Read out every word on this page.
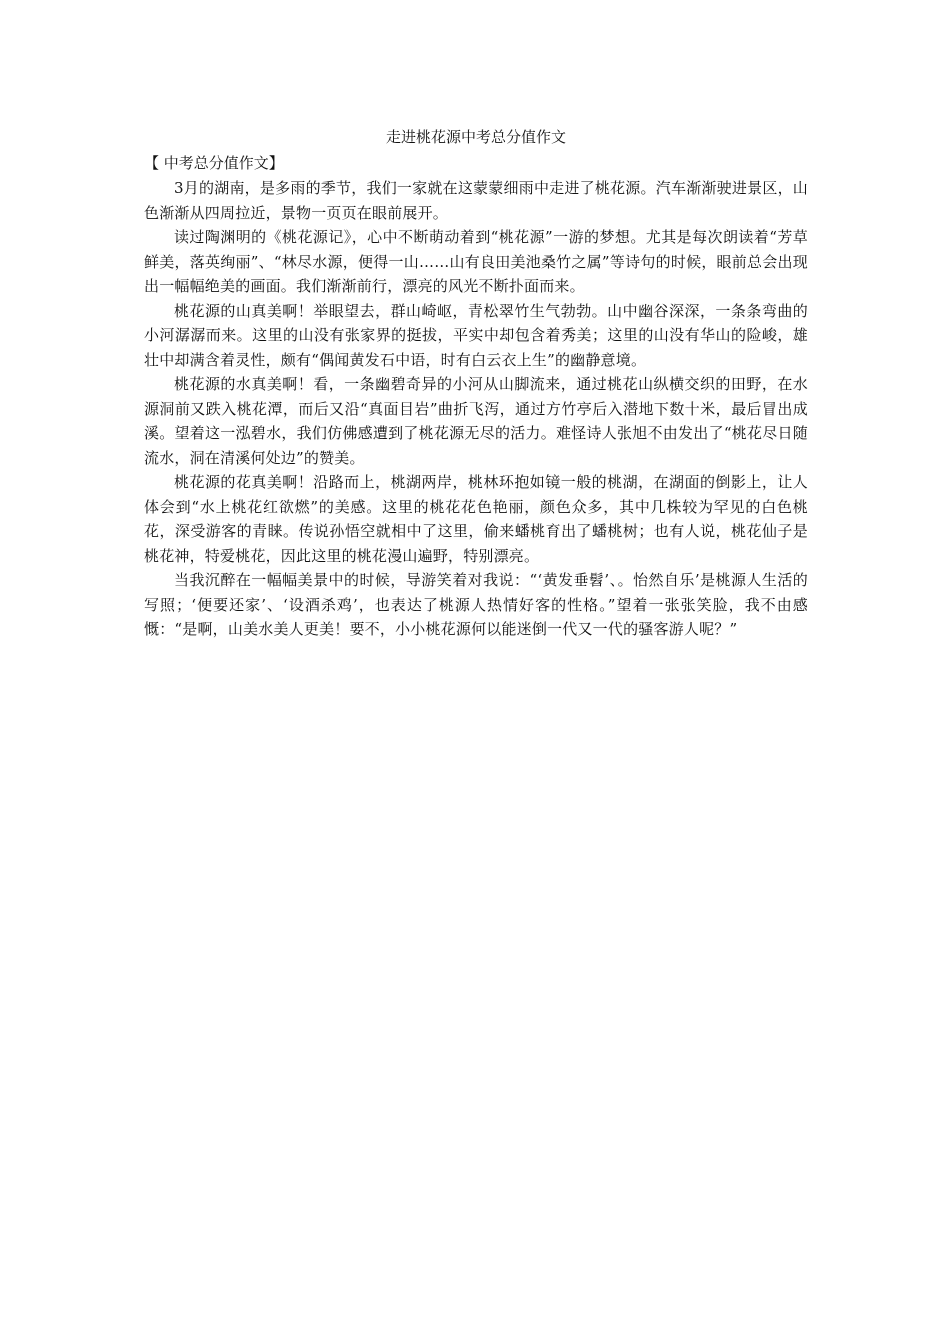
走进桃花源中考总分值作文

【 中考总分值作文】

3月的湖南，是多雨的季节，我们一家就在这蒙蒙细雨中走进了桃花源。汽车渐渐驶进景区，山色渐渐从四周拉近，景物一页页在眼前展开。

读过陶渊明的《桃花源记》，心中不断萌动着到“桃花源”一游的梦想。尤其是每次朗读着“芳草鲜美，落英绚丽”、“林尽水源，便得一山……山有良田美池桑竹之属”等诗句的时候，眼前总会出现出一幅幅绝美的画面。我们渐渐前行，漂亮的风光不断扑面而来。

桃花源的山真美啊！举眼望去，群山崎岖，青松翠竹生气勃勃。山中幽谷深深，一条条弯曲的小河潺潺而来。这里的山没有张家界的挺拔，平实中却包含着秀美；这里的山没有华山的险峻，雄壮中却满含着灵性，颇有“偶闻黄发石中语，时有白云衣上生”的幽静意境。

桃花源的水真美啊！看，一条幽碧奇异的小河从山脚流来，通过桃花山纵横交织的田野，在水源洞前又跌入桃花潭，而后又沿“真面目岩”曲折飞泻，通过方竹亭后入潜地下数十米，最后冒出成溪。望着这一泓碧水，我们仿佛感遭到了桃花源无尽的活力。难怪诗人张旭不由发出了“桃花尽日随流水，洞在清溪何处边”的赞美。

桃花源的花真美啊！沿路而上，桃湖两岸，桃林环抱如镜一般的桃湖，在湖面的倒影上，让人体会到“水上桃花红欲燃”的美感。这里的桃花花色艳丽，颜色众多，其中几株较为罕见的白色桃花，深受游客的青睐。传说孙悟空就相中了这里，偷来蟠桃育出了蟠桃树；也有人说，桃花仙子是桃花神，特爱桃花，因此这里的桃花漫山遍野，特别漂亮。

当我沉醉在一幅幅美景中的时候，导游笑着对我说：“‘黄发垂髫’、。怡然自乐’是桃源人生活的写照；‘便要还家’、‘设酒杀鸡’，也表达了桃源人热情好客的性格。”望着一张张笑脸，我不由感慨：“是啊，山美水美人更美！要不，小小桃花源何以能迷倒一代又一代的骚客游人呢？”
